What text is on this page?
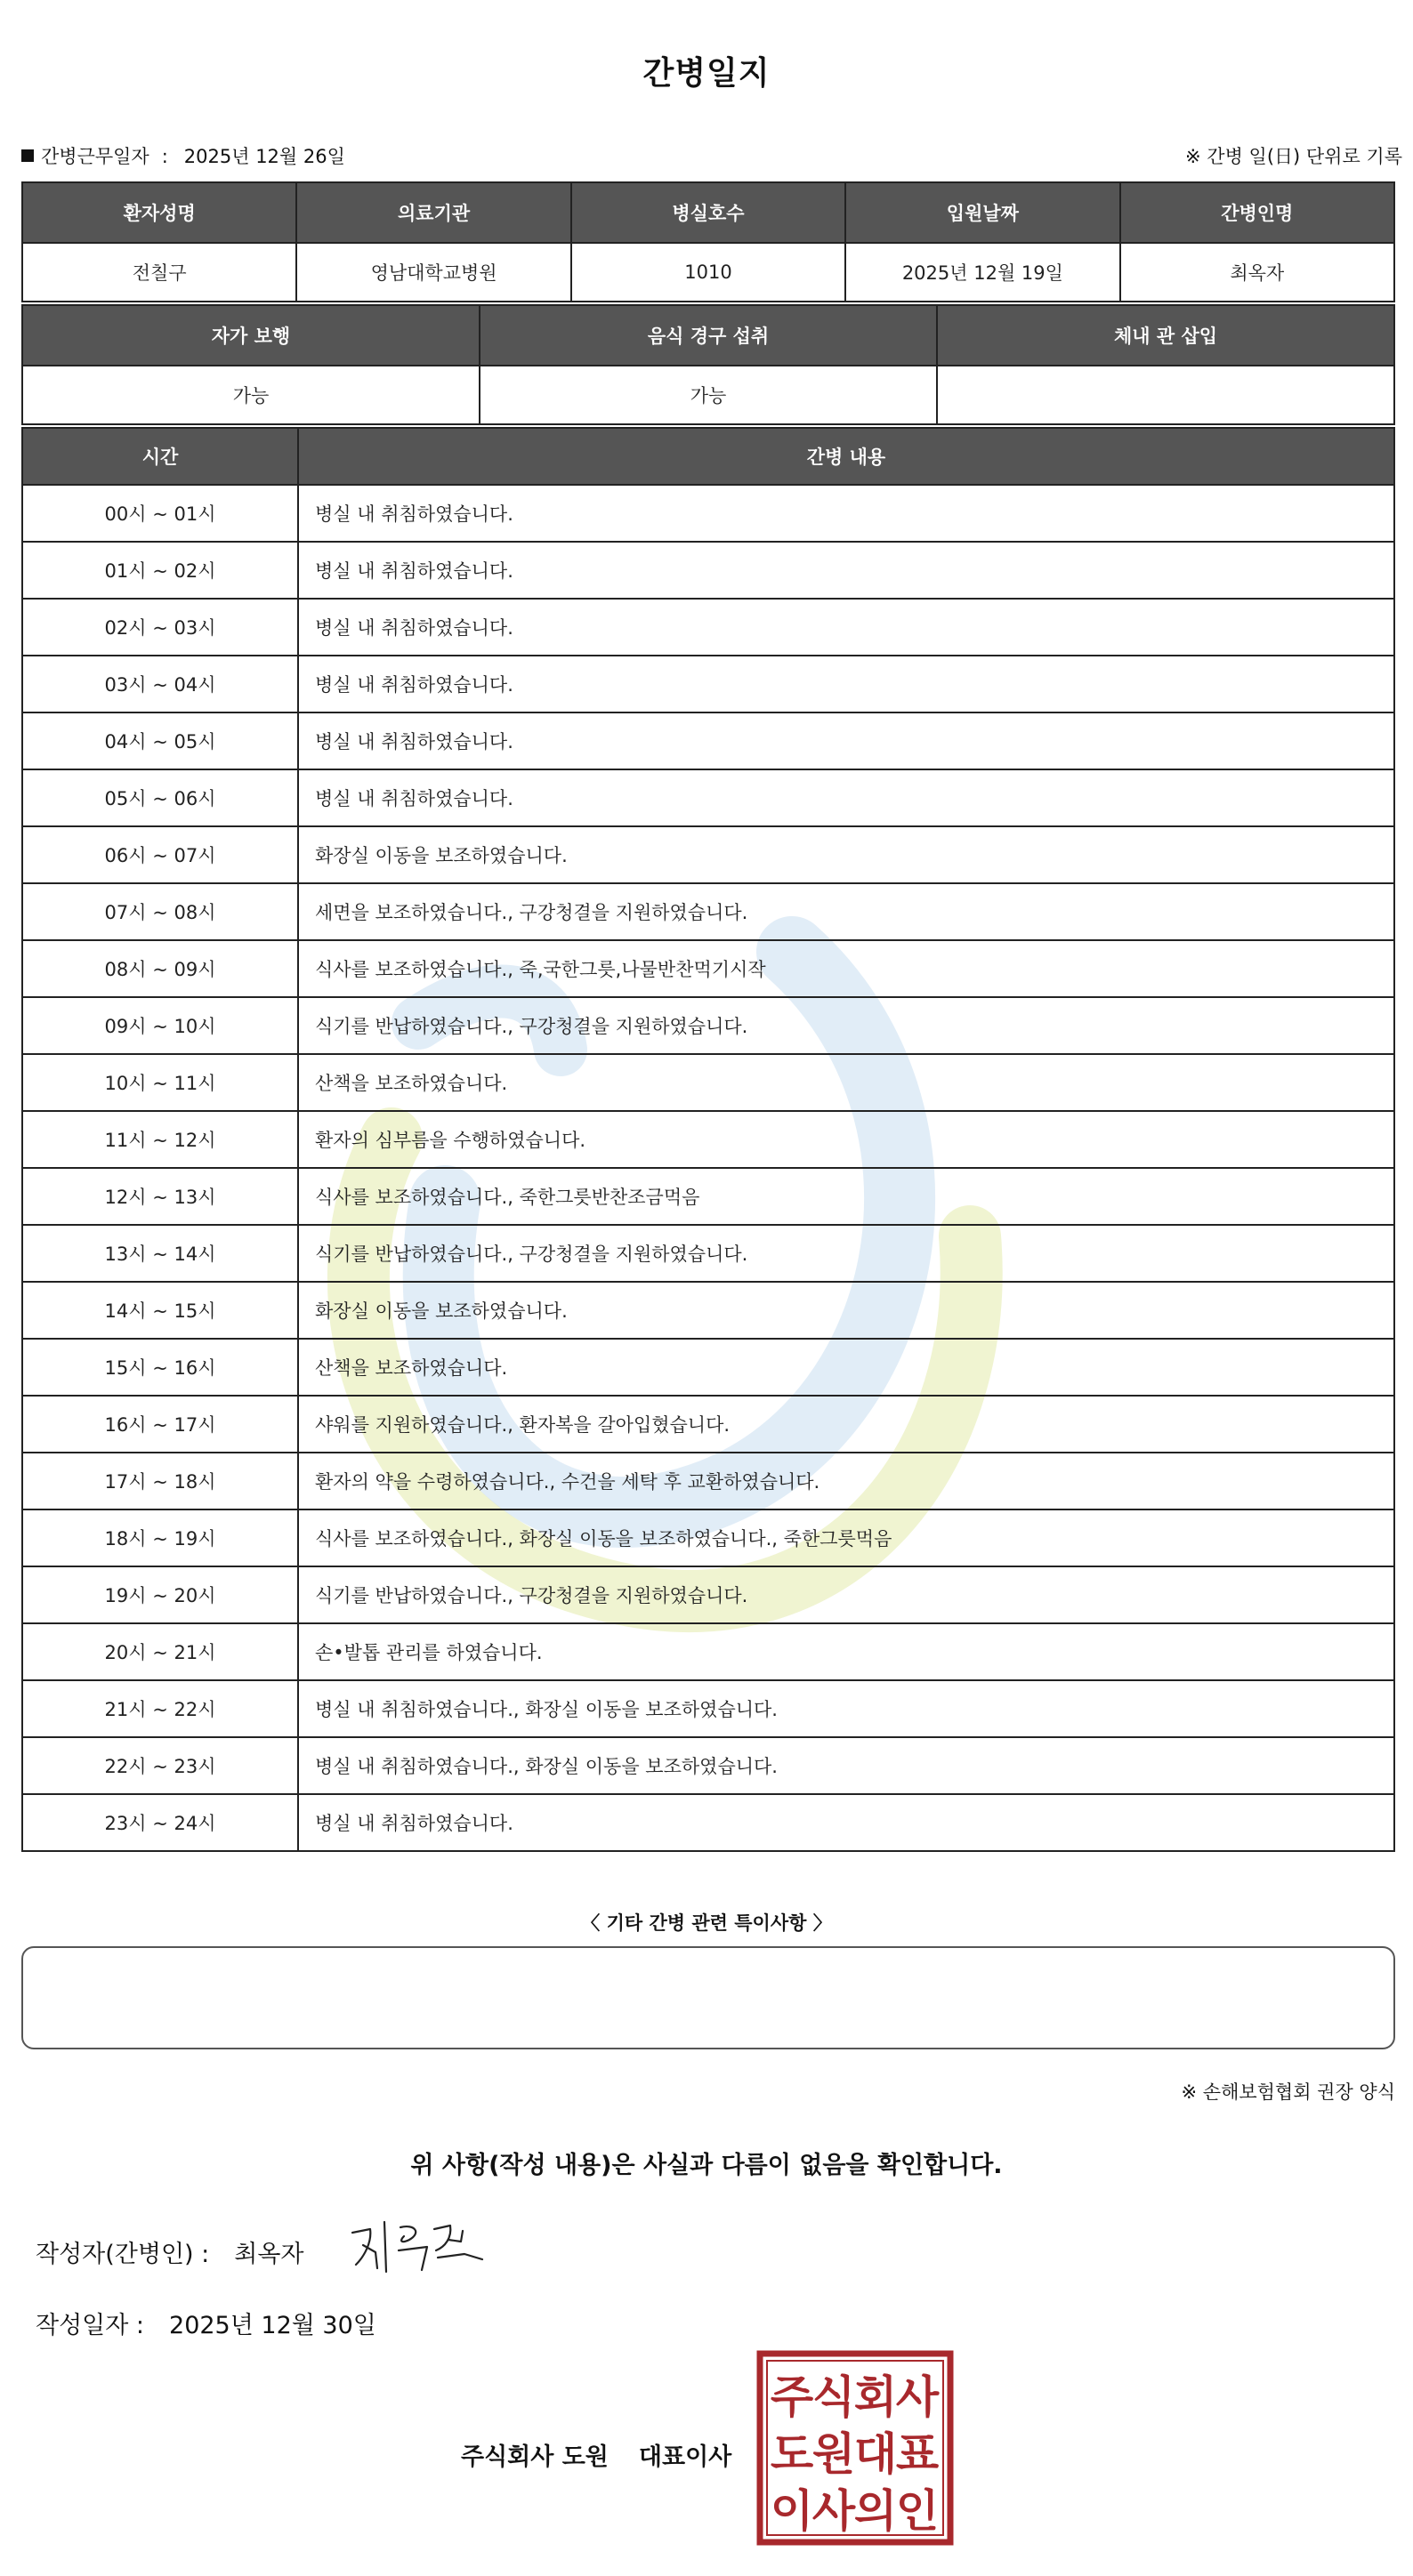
간병일지
간병근무일자 : 2025년 12월 26일	※ 간병 일(日) 단위로 기록
환자성명	의료기관	병실호수	입원날짜	간병인명
전칠구	영남대학교병원	1010	2025년 12월 19일	최옥자
자가 보행	음식 경구 섭취	체내 관 삽입
가능	가능	
시간	간병 내용
00시 ~ 01시	병실 내 취침하였습니다.
01시 ~ 02시	병실 내 취침하였습니다.
02시 ~ 03시	병실 내 취침하였습니다.
03시 ~ 04시	병실 내 취침하였습니다.
04시 ~ 05시	병실 내 취침하였습니다.
05시 ~ 06시	병실 내 취침하였습니다.
06시 ~ 07시	화장실 이동을 보조하였습니다.
07시 ~ 08시	세면을 보조하였습니다., 구강청결을 지원하였습니다.
08시 ~ 09시	식사를 보조하였습니다., 죽,국한그릇,나물반찬먹기시작
09시 ~ 10시	식기를 반납하였습니다., 구강청결을 지원하였습니다.
10시 ~ 11시	산책을 보조하였습니다.
11시 ~ 12시	환자의 심부름을 수행하였습니다.
12시 ~ 13시	식사를 보조하였습니다., 죽한그릇반찬조금먹음
13시 ~ 14시	식기를 반납하였습니다., 구강청결을 지원하였습니다.
14시 ~ 15시	화장실 이동을 보조하였습니다.
15시 ~ 16시	산책을 보조하였습니다.
16시 ~ 17시	샤워를 지원하였습니다., 환자복을 갈아입혔습니다.
17시 ~ 18시	환자의 약을 수령하였습니다., 수건을 세탁 후 교환하였습니다.
18시 ~ 19시	식사를 보조하였습니다., 화장실 이동을 보조하였습니다., 죽한그릇먹음
19시 ~ 20시	식기를 반납하였습니다., 구강청결을 지원하였습니다.
20시 ~ 21시	손•발톱 관리를 하였습니다.
21시 ~ 22시	병실 내 취침하였습니다., 화장실 이동을 보조하였습니다.
22시 ~ 23시	병실 내 취침하였습니다., 화장실 이동을 보조하였습니다.
23시 ~ 24시	병실 내 취침하였습니다.
〈 기타 간병 관련 특이사항 〉
※ 손해보험협회 권장 양식
위 사항(작성 내용)은 사실과 다름이 없음을 확인합니다.
작성자(간병인) : 최옥자
작성일자 : 2025년 12월 30일
주식회사 도원 대표이사
주
식
회
사
도
원
대
표
이
사
의
인
